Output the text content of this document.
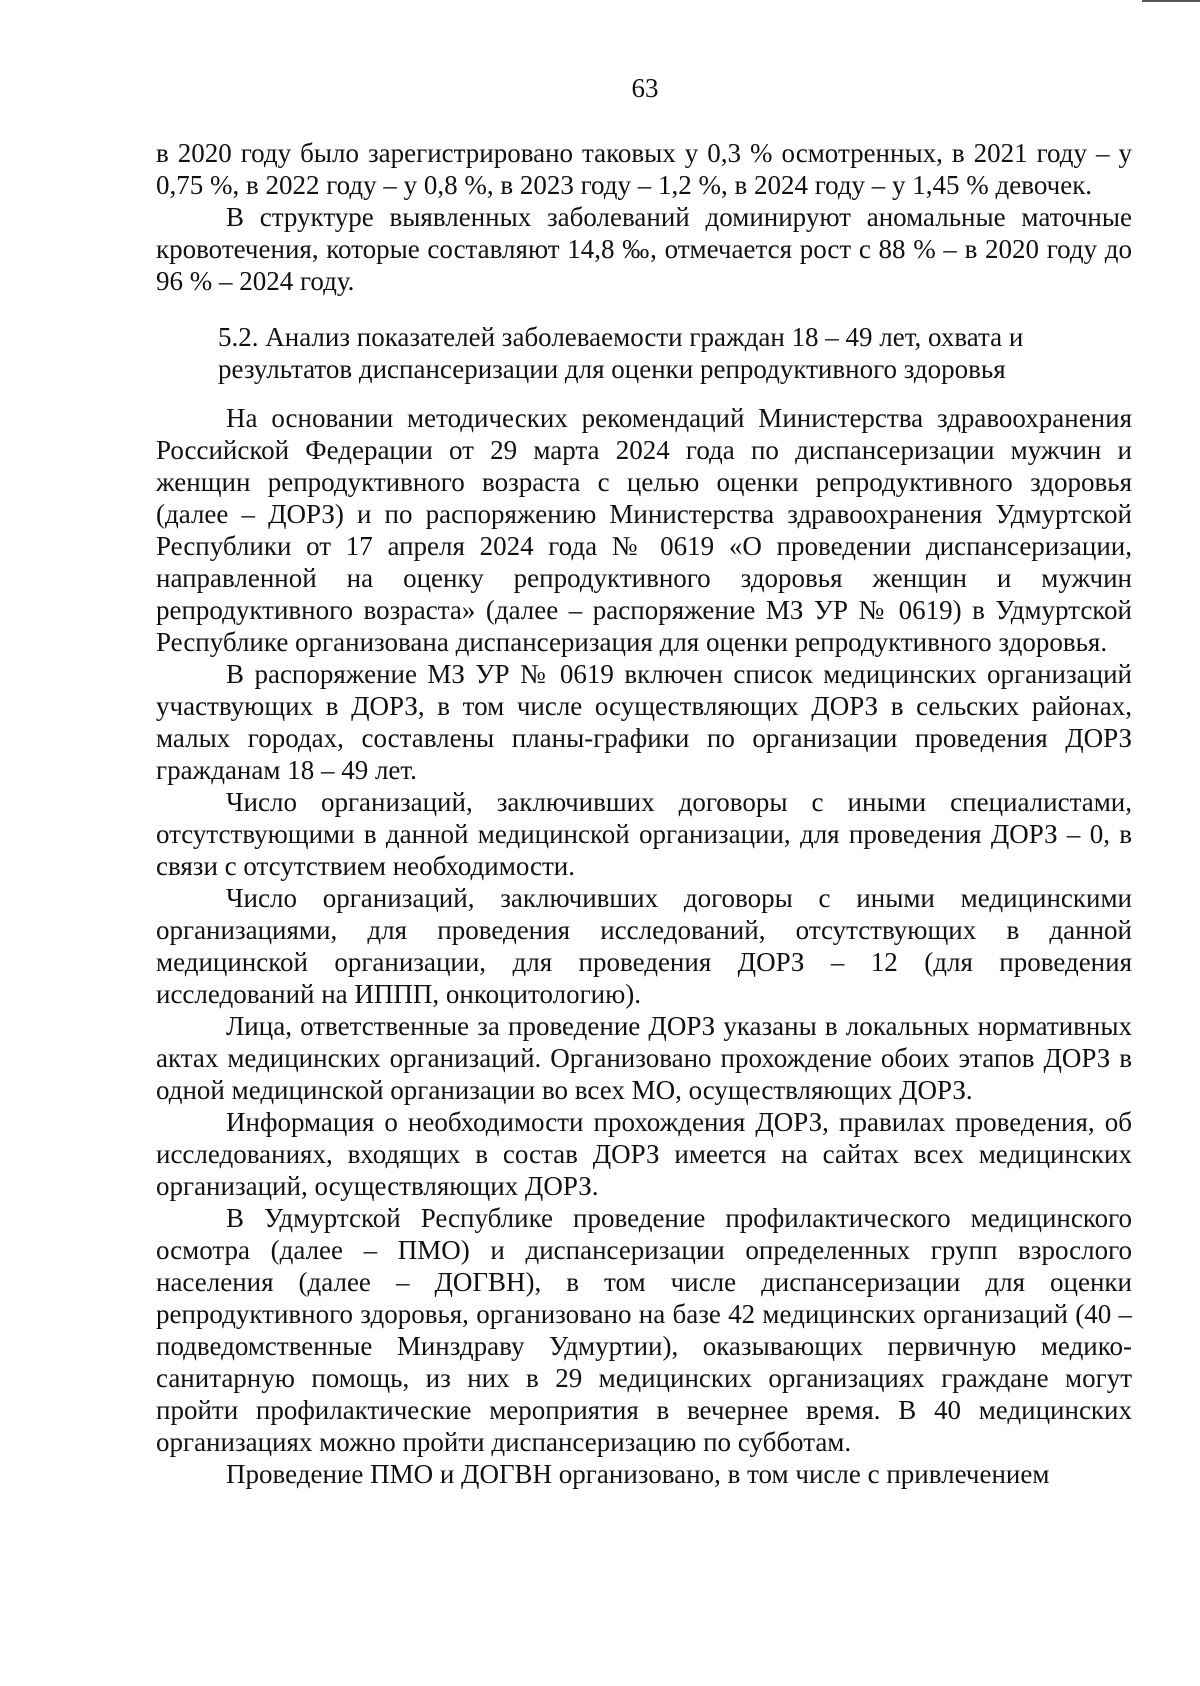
63

в 2020 году было зарегистрировано таковых у 0,3 % осмотренных, в 2021 году – у 0,75 %, в 2022 году – у 0,8 %, в 2023 году – 1,2 %, в 2024 году – у 1,45 % девочек.

В структуре выявленных заболеваний доминируют аномальные маточные кровотечения, которые составляют 14,8 ‰, отмечается рост с 88 % – в 2020 году до 96 % – 2024 году.

5.2. Анализ показателей заболеваемости граждан 18 – 49 лет, охвата и результатов диспансеризации для оценки репродуктивного здоровья

На основании методических рекомендаций Министерства здравоохранения Российской Федерации от 29 марта 2024 года по диспансеризации мужчин и женщин репродуктивного возраста с целью оценки репродуктивного здоровья (далее – ДОРЗ) и по распоряжению Министерства здравоохранения Удмуртской Республики от 17 апреля 2024 года № 0619 «О проведении диспансеризации, направленной на оценку репродуктивного здоровья женщин и мужчин репродуктивного возраста» (далее – распоряжение МЗ УР № 0619) в Удмуртской Республике организована диспансеризация для оценки репродуктивного здоровья.

В распоряжение МЗ УР № 0619 включен список медицинских организаций участвующих в ДОРЗ, в том числе осуществляющих ДОРЗ в сельских районах, малых городах, составлены планы-графики по организации проведения ДОРЗ гражданам 18 – 49 лет.

Число организаций, заключивших договоры с иными специалистами, отсутствующими в данной медицинской организации, для проведения ДОРЗ – 0, в связи с отсутствием необходимости.

Число организаций, заключивших договоры с иными медицинскими организациями, для проведения исследований, отсутствующих в данной медицинской организации, для проведения ДОРЗ – 12 (для проведения исследований на ИППП, онкоцитологию).

Лица, ответственные за проведение ДОРЗ указаны в локальных нормативных актах медицинских организаций. Организовано прохождение обоих этапов ДОРЗ в одной медицинской организации во всех МО, осуществляющих ДОРЗ.

Информация о необходимости прохождения ДОРЗ, правилах проведения, об исследованиях, входящих в состав ДОРЗ имеется на сайтах всех медицинских организаций, осуществляющих ДОРЗ.

В Удмуртской Республике проведение профилактического медицинского осмотра (далее – ПМО) и диспансеризации определенных групп взрослого населения (далее – ДОГВН), в том числе диспансеризации для оценки репродуктивного здоровья, организовано на базе 42 медицинских организаций (40 – подведомственные Минздраву Удмуртии), оказывающих первичную медико-санитарную помощь, из них в 29 медицинских организациях граждане могут пройти профилактические мероприятия в вечернее время. В 40 медицинских организациях можно пройти диспансеризацию по субботам.

Проведение ПМО и ДОГВН организовано, в том числе с привлечением
